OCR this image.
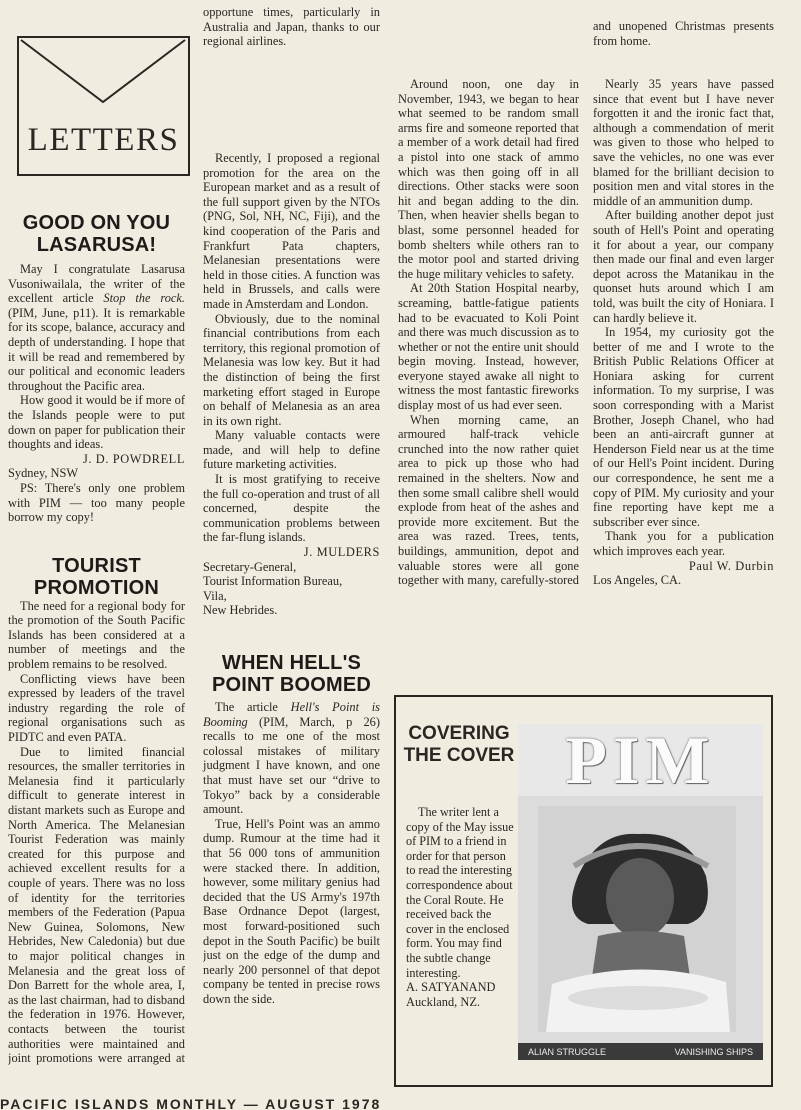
LETTERS
GOOD ON YOU LASARUSA!

May I congratulate Lasarusa Vusoniwailala, the writer of the excellent article Stop the rock. (PIM, June, p11). It is remarkable for its scope, balance, accuracy and depth of understanding. I hope that it will be read and remembered by our political and economic leaders throughout the Pacific area.

How good it would be if more of the Islands people were to put down on paper for publication their thoughts and ideas.

J. D. POWDRELL
Sydney, NSW

PS: There's only one problem with PIM — too many people borrow my copy!

TOURIST PROMOTION

The need for a regional body for the promotion of the South Pacific Islands has been considered at a number of meetings and the problem remains to be resolved.

Conflicting views have been expressed by leaders of the travel industry regarding the role of regional organisations such as PIDTC and even PATA.

Due to limited financial resources, the smaller territories in Melanesia find it particularly difficult to generate interest in distant markets such as Europe and North America. The Melanesian Tourist Federation was mainly created for this purpose and achieved excellent results for a couple of years. There was no loss of identity for the territories members of the Federation (Papua New Guinea, Solomons, New Hebrides, New Caledonia) but due to major political changes in Melanesia and the great loss of Don Barrett for the whole area, I, as the last chairman, had to disband the federation in 1976. However, contacts between the tourist authorities were maintained and joint promotions were arranged at

opportune times, particularly in Australia and Japan, thanks to our regional airlines.

Recently, I proposed a regional promotion for the area on the European market and as a result of the full support given by the NTOs (PNG, Sol, NH, NC, Fiji), and the kind cooperation of the Paris and Frankfurt Pata chapters, Melanesian presentations were held in those cities. A function was held in Brussels, and calls were made in Amsterdam and London.

Obviously, due to the nominal financial contributions from each territory, this regional promotion of Melanesia was low key. But it had the distinction of being the first marketing effort staged in Europe on behalf of Melanesia as an area in its own right.

Many valuable contacts were made, and will help to define future marketing activities.

It is most gratifying to receive the full co-operation and trust of all concerned, despite the communication problems between the far-flung islands.

J. MULDERS
Secretary-General,
Tourist Information Bureau,
Vila,
New Hebrides.
WHEN HELL'S POINT BOOMED

The article Hell's Point is Booming (PIM, March, p 26) recalls to me one of the most colossal mistakes of military judgment I have known, and one that must have set our “drive to Tokyo” back by a considerable amount.

True, Hell's Point was an ammo dump. Rumour at the time had it that 56 000 tons of ammunition were stacked there. In addition, however, some military genius had decided that the US Army's 197th Base Ordnance Depot (largest, most forward-positioned such depot in the South Pacific) be built just on the edge of the dump and nearly 200 personnel of that depot company be tented in precise rows down the side.

Around noon, one day in November, 1943, we began to hear what seemed to be random small arms fire and someone reported that a member of a work detail had fired a pistol into one stack of ammo which was then going off in all directions. Other stacks were soon hit and began adding to the din. Then, when heavier shells began to blast, some personnel headed for bomb shelters while others ran to the motor pool and started driving the huge military vehicles to safety.

At 20th Station Hospital nearby, screaming, battle-fatigue patients had to be evacuated to Koli Point and there was much discussion as to whether or not the entire unit should begin moving. Instead, however, everyone stayed awake all night to witness the most fantastic fireworks display most of us had ever seen.

When morning came, an armoured half-track vehicle crunched into the now rather quiet area to pick up those who had remained in the shelters. Now and then some small calibre shell would explode from heat of the ashes and provide more excitement. But the area was razed. Trees, tents, buildings, ammunition, depot and valuable stores were all gone together with many, carefully-stored

and unopened Christmas presents from home.

Nearly 35 years have passed since that event but I have never forgotten it and the ironic fact that, although a commendation of merit was given to those who helped to save the vehicles, no one was ever blamed for the brilliant decision to position men and vital stores in the middle of an ammunition dump.

After building another depot just south of Hell's Point and operating it for about a year, our company then made our final and even larger depot across the Matanikau in the quonset huts around which I am told, was built the city of Honiara. I can hardly believe it.

In 1954, my curiosity got the better of me and I wrote to the British Public Relations Officer at Honiara asking for current information. To my surprise, I was soon corresponding with a Marist Brother, Joseph Chanel, who had been an anti-aircraft gunner at Henderson Field near us at the time of our Hell's Point incident. During our correspondence, he sent me a copy of PIM. My curiosity and your fine reporting have kept me a subscriber ever since.

Thank you for a publication which improves each year.

Paul W. Durbin
Los Angeles, CA.
COVERING THE COVER

The writer lent a copy of the May issue of PIM to a friend in order for that person to read the interesting correspondence about the Coral Route. He received back the cover in the enclosed form. You may find the subtle change interesting.

A. SATYANAND
Auckland, NZ.
PIM
ALIAN STRUGGLE	VANISHING SHIPS
PACIFIC ISLANDS MONTHLY — AUGUST 1978
